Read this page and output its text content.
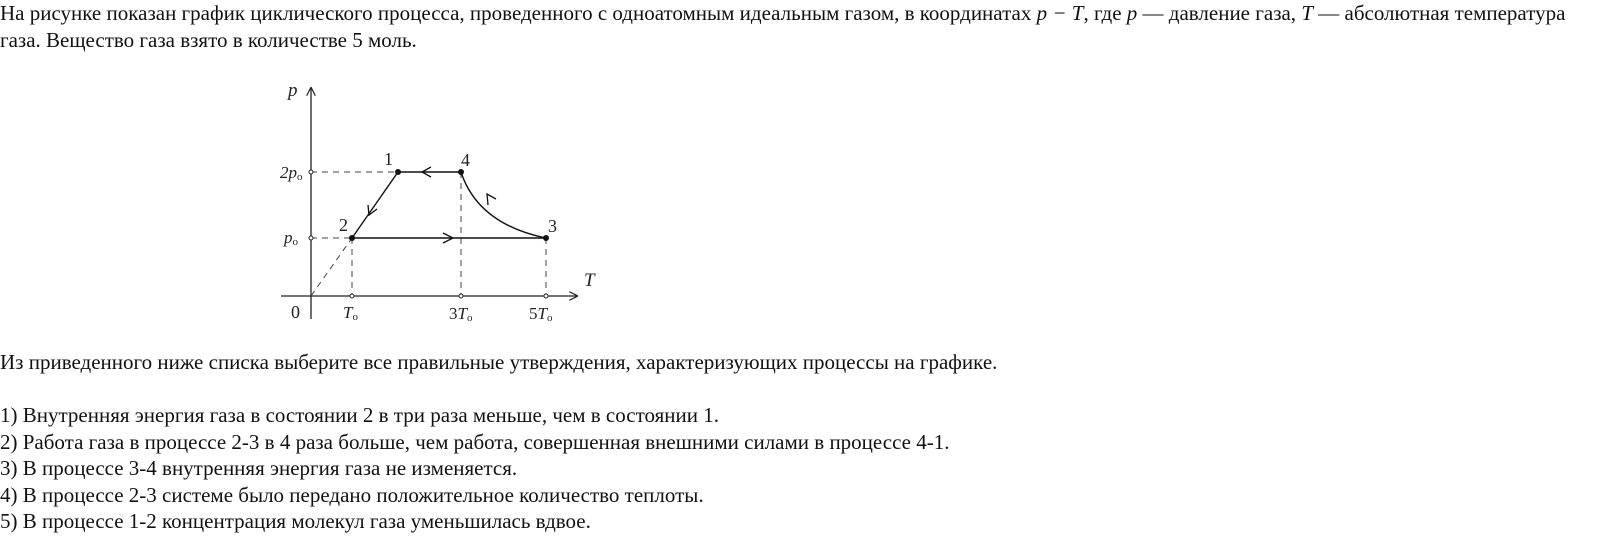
На рисунке показан график циклического процесса, проведенного с одноатомным идеальным газом, в координатах p − T, где p — давление газа, T — абсолютная температура газа. Вещество газа взято в количестве 5 моль.

p
T
0
2po
po
To	3To	5To
1
2	3
4

Из приведенного ниже списка выберите все правильные утверждения, характеризующих процессы на графике.

1) Внутренняя энергия газа в состоянии 2 в три раза меньше, чем в состоянии 1.
2) Работа газа в процессе 2-3 в 4 раза больше, чем работа, совершенная внешними силами в процессе 4-1.
3) В процессе 3-4 внутренняя энергия газа не изменяется.
4) В процессе 2-3 системе было передано положительное количество теплоты.
5) В процессе 1-2 концентрация молекул газа уменьшилась вдвое.
